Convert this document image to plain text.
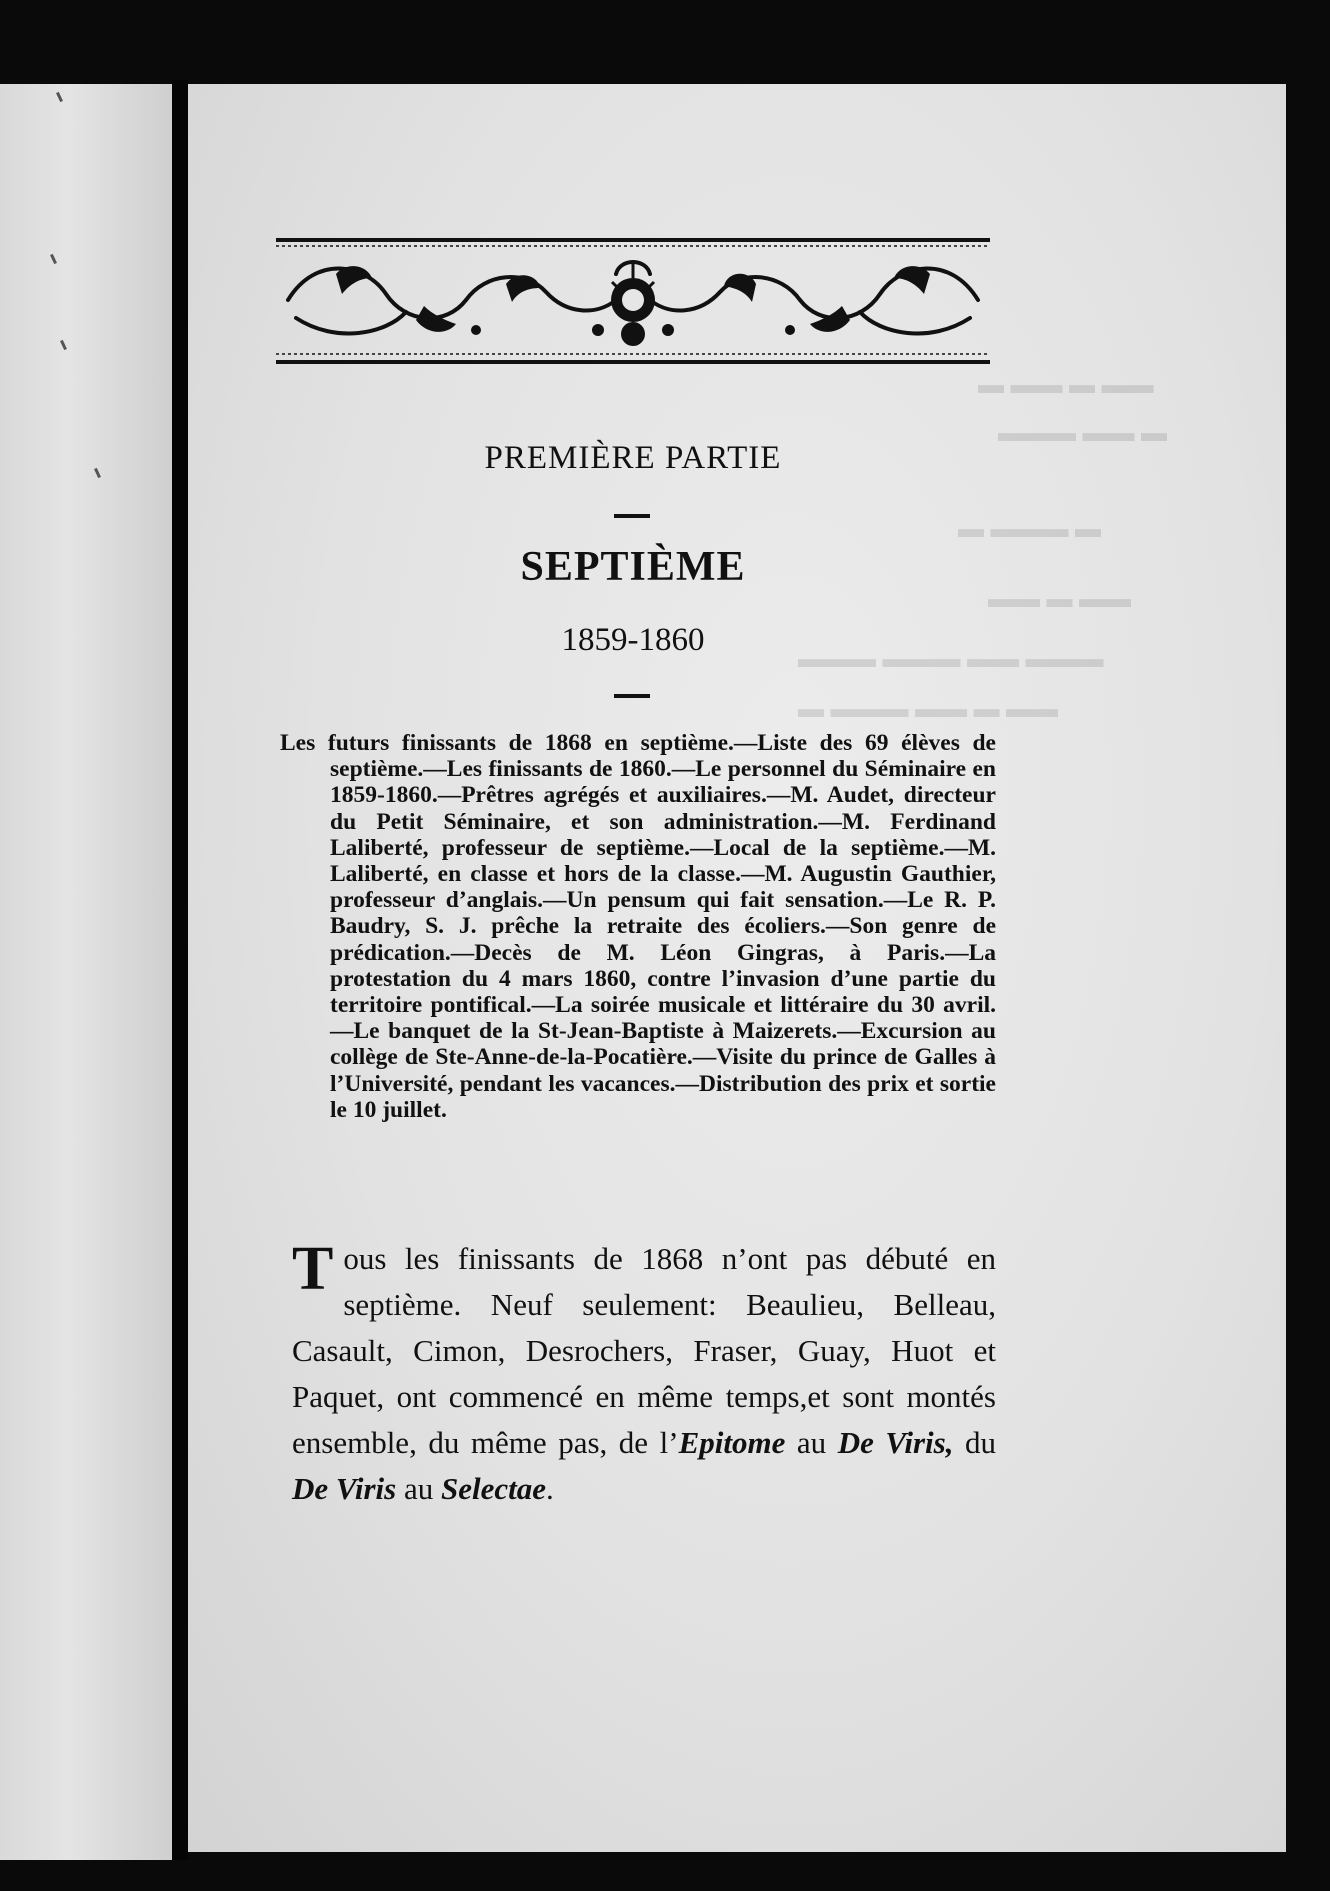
▬ ▬▬ ▬ ▬▬
▬▬▬ ▬▬ ▬
▬ ▬▬▬ ▬
▬▬ ▬ ▬▬
▬▬▬ ▬▬▬ ▬▬ ▬▬▬
▬ ▬▬▬ ▬▬ ▬ ▬▬
PREMIÈRE PARTIE
SEPTIÈME
1859-1860
Les futurs finissants de 1868 en septième.—Liste des 69 élèves de septième.—Les finissants de 1860.—Le personnel du Séminaire en 1859-1860.—Prêtres agrégés et auxiliaires.—M. Audet, directeur du Petit Séminaire, et son administration.—M. Ferdinand Laliberté, professeur de septième.—Local de la septième.—M. Laliberté, en classe et hors de la classe.—M. Augustin Gauthier, professeur d’anglais.—Un pensum qui fait sensation.—Le R. P. Baudry, S. J. prêche la retraite des écoliers.—Son genre de prédication.—Decès de M. Léon Gingras, à Paris.—La protestation du 4 mars 1860, contre l’invasion d’une partie du territoire pontifical.—La soirée musicale et littéraire du 30 avril.—Le banquet de la St-Jean-Baptiste à Maizerets.—Excursion au collège de Ste-Anne-de-la-Pocatière.—Visite du prince de Galles à l’Université, pendant les vacances.—Distribution des prix et sortie le 10 juillet.
Tous les finissants de 1868 n’ont pas débuté en septième. Neuf seulement: Beaulieu, Belleau, Casault, Cimon, Desrochers, Fraser, Guay, Huot et Paquet, ont commencé en même temps,et sont montés ensemble, du même pas, de l’Epitome au De Viris, du De Viris au Selectae.
